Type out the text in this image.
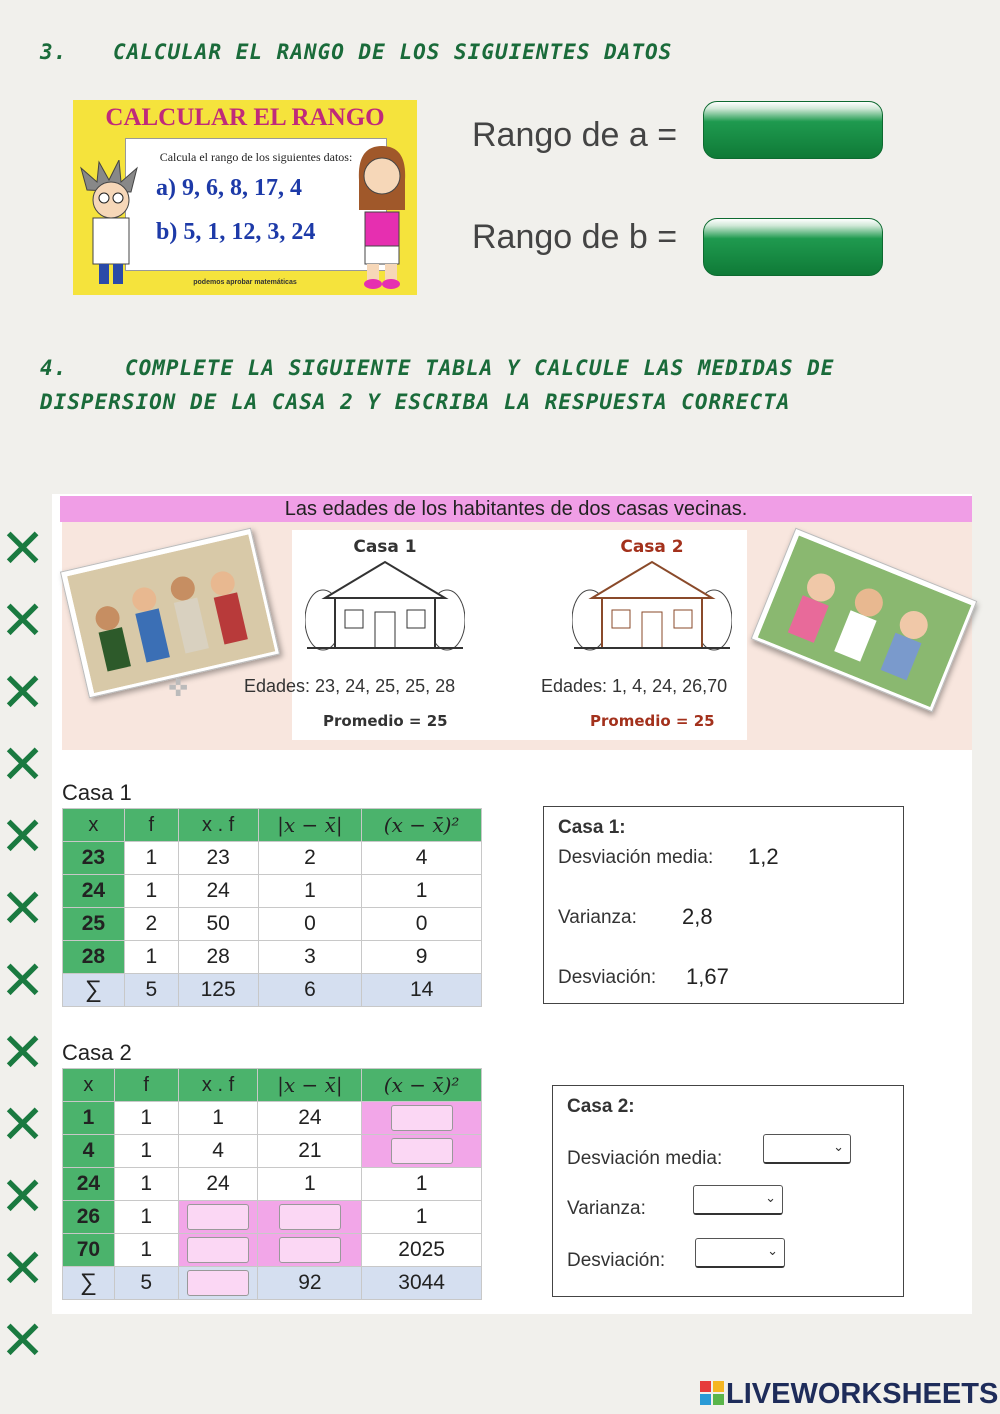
3. CALCULAR EL RANGO DE LOS SIGUIENTES DATOS
CALCULAR EL RANGO
Calcula el rango de los siguientes datos:
a) 9, 6, 8, 17, 4
b) 5, 1, 12, 3, 24
podemos aprobar matemáticas
Rango de a =
Rango de b =
4.	COMPLETE LA SIGUIENTE TABLA Y CALCULE LAS MEDIDAS DE
DISPERSION DE LA CASA 2 Y ESCRIBA LA RESPUESTA CORRECTA
✕
✕
✕
✕
✕
✕
✕
✕
✕
✕
✕
✕
Las edades de los habitantes de dos casas vecinas.
Casa 1	Casa 2
Edades: 23, 24, 25, 25, 28	Edades: 1, 4, 24, 26,70
Promedio = 25	Promedio = 25
✜
Casa 1
x	f	x . f	|x − x̄|	(x − x̄)²
23	1	23	2	4
24	1	24	1	1
25	2	50	0	0
28	1	28	3	9
∑	5	125	6	14
Casa 1:
Desviación media: 1,2
Varianza: 2,8
Desviación: 1,67
Casa 2
x	f	x . f	|x − x̄|	(x − x̄)²
1	1	1	24	
4	1	4	21	
24	1	24	1	1
26	1			1
70	1			2025
∑	5		92	3044
Casa 2:
Desviación media:
⌄
Varianza:
⌄
Desviación:	⌄
LIVEWORKSHEETS
